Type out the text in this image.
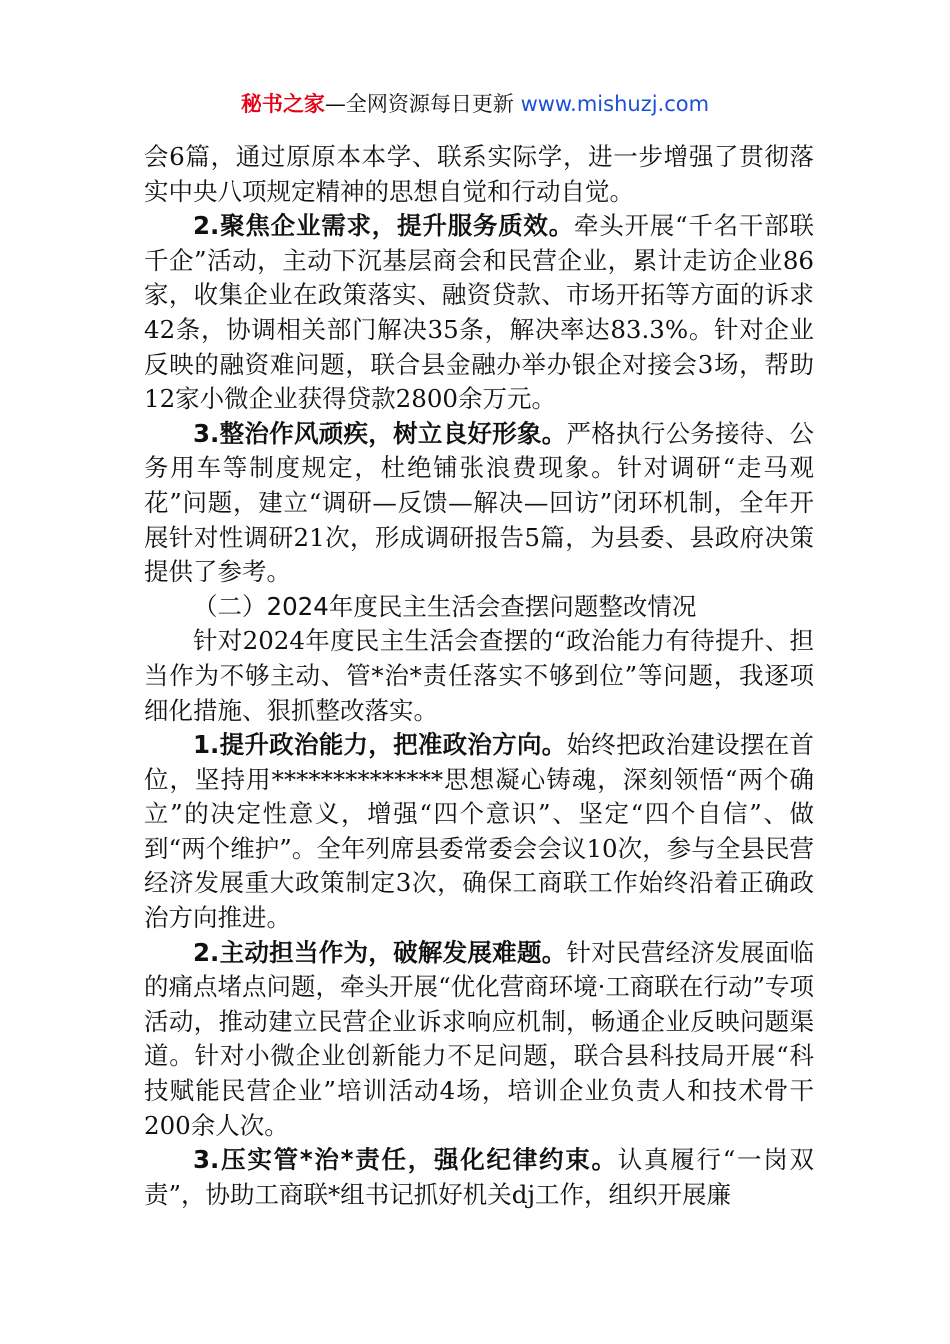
秘书之家—全网资源每日更新 www.mishuzj.com

会6篇，通过原原本本学、联系实际学，进一步增强了贯彻落实中央八项规定精神的思想自觉和行动自觉。

2.聚焦企业需求，提升服务质效。牵头开展“千名干部联千企”活动，主动下沉基层商会和民营企业，累计走访企业86家，收集企业在政策落实、融资贷款、市场开拓等方面的诉求42条，协调相关部门解决35条，解决率达83.3%。针对企业反映的融资难问题，联合县金融办举办银企对接会3场，帮助12家小微企业获得贷款2800余万元。

3.整治作风顽疾，树立良好形象。严格执行公务接待、公务用车等制度规定，杜绝铺张浪费现象。针对调研“走马观花”问题，建立“调研—反馈—解决—回访”闭环机制，全年开展针对性调研21次，形成调研报告5篇，为县委、县政府决策提供了参考。

（二）2024年度民主生活会查摆问题整改情况

针对2024年度民主生活会查摆的“政治能力有待提升、担当作为不够主动、管*治*责任落实不够到位”等问题，我逐项细化措施、狠抓整改落实。

1.提升政治能力，把准政治方向。始终把政治建设摆在首位，坚持用**************思想凝心铸魂，深刻领悟“两个确立”的决定性意义，增强“四个意识”、坚定“四个自信”、做到“两个维护”。全年列席县委常委会会议10次，参与全县民营经济发展重大政策制定3次，确保工商联工作始终沿着正确政治方向推进。

2.主动担当作为，破解发展难题。针对民营经济发展面临的痛点堵点问题，牵头开展“优化营商环境·工商联在行动”专项活动，推动建立民营企业诉求响应机制，畅通企业反映问题渠道。针对小微企业创新能力不足问题，联合县科技局开展“科技赋能民营企业”培训活动4场，培训企业负责人和技术骨干200余人次。

3.压实管*治*责任，强化纪律约束。认真履行“一岗双责”，协助工商联*组书记抓好机关dj工作，组织开展廉
